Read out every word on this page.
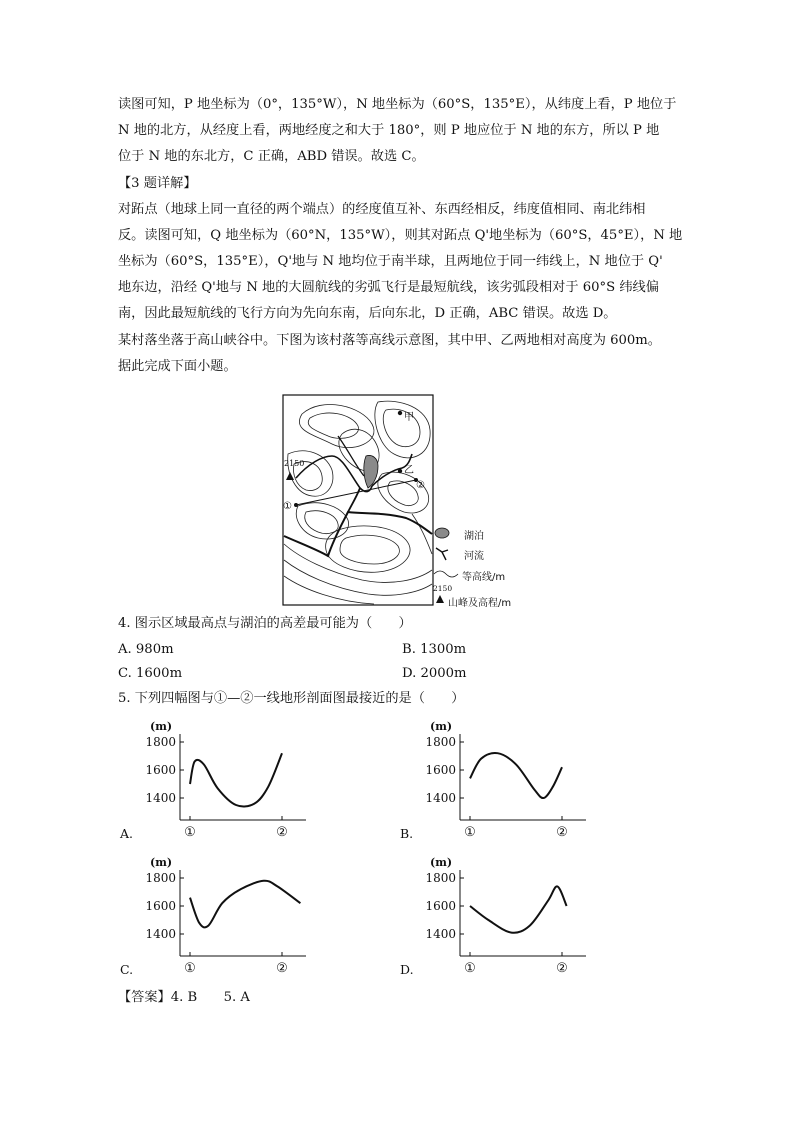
读图可知，P 地坐标为（0°，135°W），N 地坐标为（60°S，135°E），从纬度上看，P 地位于
N 地的北方，从经度上看，两地经度之和大于 180°，则 P 地应位于 N 地的东方，所以 P 地
位于 N 地的东北方，C 正确，ABD 错误。故选 C。
【3 题详解】
对跖点（地球上同一直径的两个端点）的经度值互补、东西经相反，纬度值相同、南北纬相
反。读图可知，Q 地坐标为（60°N，135°W），则其对跖点 Q'地坐标为（60°S，45°E），N 地
坐标为（60°S，135°E），Q'地与 N 地均位于南半球，且两地位于同一纬线上，N 地位于 Q'
地东边，沿经 Q'地与 N 地的大圆航线的劣弧飞行是最短航线，该劣弧段相对于 60°S 纬线偏
南，因此最短航线的飞行方向为先向东南，后向东北，D 正确，ABC 错误。故选 D。
某村落坐落于高山峡谷中。下图为该村落等高线示意图，其中甲、乙两地相对高度为 600m。
据此完成下面小题。
甲
乙
①
②
2150
2150
湖泊
河流
等高线/m
山峰及高程/m
4. 图示区域最高点与湖泊的高差最可能为（　　）
A. 980m	B. 1300m
C. 1600m	D. 2000m
5. 下列四幅图与①—②一线地形剖面图最接近的是（　　）
(m)
1800
1600
1400
①	②
A.
(m)
1800
1600
1400
①	②
B.
(m)
1800
1600
1400
①	②
C.
(m)
1800
1600
1400
①	②
D.
【答案】4. B　　5. A
